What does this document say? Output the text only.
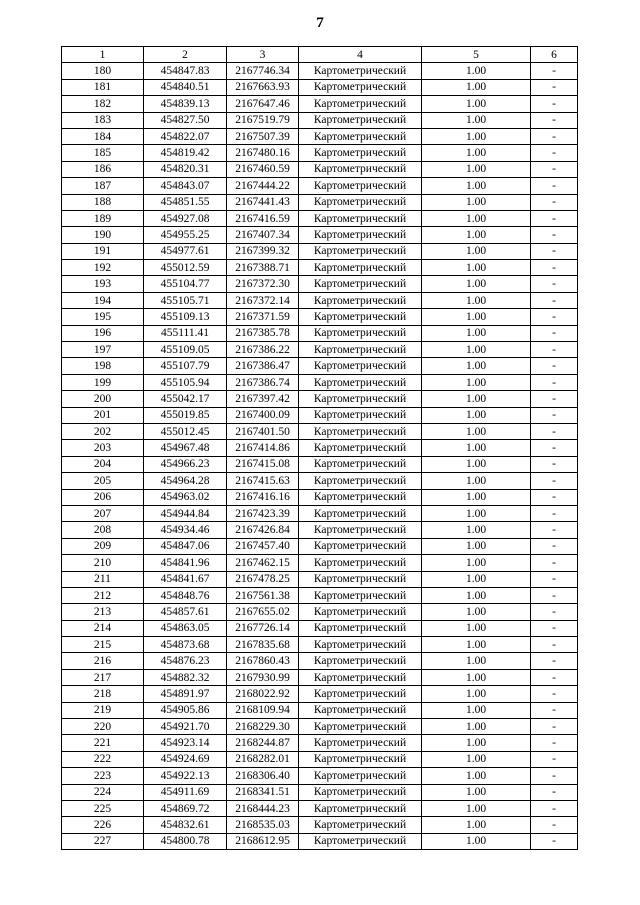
7
1	2	3	4	5	6
180	454847.83	2167746.34	Картометрический	1.00	-
181	454840.51	2167663.93	Картометрический	1.00	-
182	454839.13	2167647.46	Картометрический	1.00	-
183	454827.50	2167519.79	Картометрический	1.00	-
184	454822.07	2167507.39	Картометрический	1.00	-
185	454819.42	2167480.16	Картометрический	1.00	-
186	454820.31	2167460.59	Картометрический	1.00	-
187	454843.07	2167444.22	Картометрический	1.00	-
188	454851.55	2167441.43	Картометрический	1.00	-
189	454927.08	2167416.59	Картометрический	1.00	-
190	454955.25	2167407.34	Картометрический	1.00	-
191	454977.61	2167399.32	Картометрический	1.00	-
192	455012.59	2167388.71	Картометрический	1.00	-
193	455104.77	2167372.30	Картометрический	1.00	-
194	455105.71	2167372.14	Картометрический	1.00	-
195	455109.13	2167371.59	Картометрический	1.00	-
196	455111.41	2167385.78	Картометрический	1.00	-
197	455109.05	2167386.22	Картометрический	1.00	-
198	455107.79	2167386.47	Картометрический	1.00	-
199	455105.94	2167386.74	Картометрический	1.00	-
200	455042.17	2167397.42	Картометрический	1.00	-
201	455019.85	2167400.09	Картометрический	1.00	-
202	455012.45	2167401.50	Картометрический	1.00	-
203	454967.48	2167414.86	Картометрический	1.00	-
204	454966.23	2167415.08	Картометрический	1.00	-
205	454964.28	2167415.63	Картометрический	1.00	-
206	454963.02	2167416.16	Картометрический	1.00	-
207	454944.84	2167423.39	Картометрический	1.00	-
208	454934.46	2167426.84	Картометрический	1.00	-
209	454847.06	2167457.40	Картометрический	1.00	-
210	454841.96	2167462.15	Картометрический	1.00	-
211	454841.67	2167478.25	Картометрический	1.00	-
212	454848.76	2167561.38	Картометрический	1.00	-
213	454857.61	2167655.02	Картометрический	1.00	-
214	454863.05	2167726.14	Картометрический	1.00	-
215	454873.68	2167835.68	Картометрический	1.00	-
216	454876.23	2167860.43	Картометрический	1.00	-
217	454882.32	2167930.99	Картометрический	1.00	-
218	454891.97	2168022.92	Картометрический	1.00	-
219	454905.86	2168109.94	Картометрический	1.00	-
220	454921.70	2168229.30	Картометрический	1.00	-
221	454923.14	2168244.87	Картометрический	1.00	-
222	454924.69	2168282.01	Картометрический	1.00	-
223	454922.13	2168306.40	Картометрический	1.00	-
224	454911.69	2168341.51	Картометрический	1.00	-
225	454869.72	2168444.23	Картометрический	1.00	-
226	454832.61	2168535.03	Картометрический	1.00	-
227	454800.78	2168612.95	Картометрический	1.00	-
